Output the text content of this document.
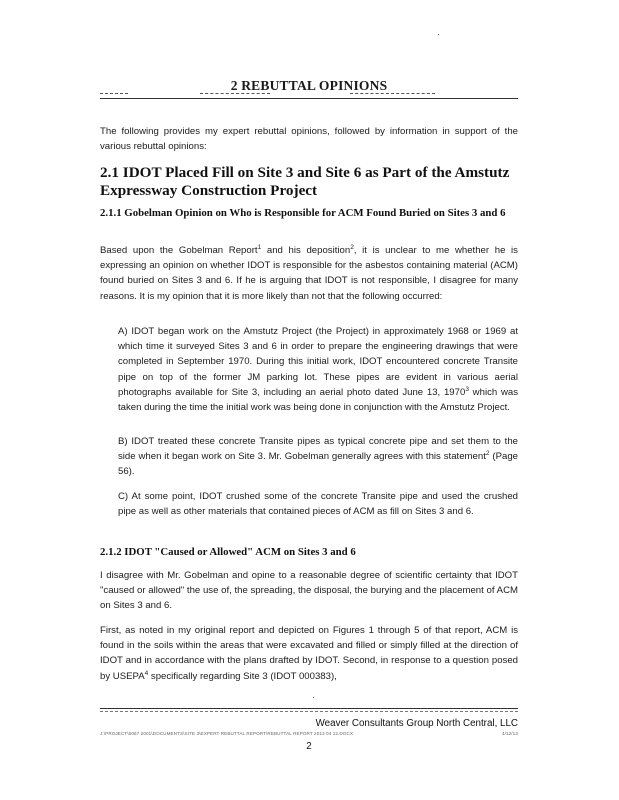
2 REBUTTAL OPINIONS
The following provides my expert rebuttal opinions, followed by information in support of the various rebuttal opinions:
2.1 IDOT Placed Fill on Site 3 and Site 6 as Part of the Amstutz Expressway Construction Project
2.1.1 Gobelman Opinion on Who is Responsible for ACM Found Buried on Sites 3 and 6
Based upon the Gobelman Report$^1$ and his deposition$^2$, it is unclear to me whether he is expressing an opinion on whether IDOT is responsible for the asbestos containing material (ACM) found buried on Sites 3 and 6. If he is arguing that IDOT is not responsible, I disagree for many reasons. It is my opinion that it is more likely than not that the following occurred:
A) IDOT began work on the Amstutz Project (the Project) in approximately 1968 or 1969 at which time it surveyed Sites 3 and 6 in order to prepare the engineering drawings that were completed in September 1970. During this initial work, IDOT encountered concrete Transite pipe on top of the former JM parking lot. These pipes are evident in various aerial photographs available for Site 3, including an aerial photo dated June 13, 1970$^3$ which was taken during the time the initial work was being done in conjunction with the Amstutz Project.
B) IDOT treated these concrete Transite pipes as typical concrete pipe and set them to the side when it began work on Site 3. Mr. Gobelman generally agrees with this statement$^2$ (Page 56).
C) At some point, IDOT crushed some of the concrete Transite pipe and used the crushed pipe as well as other materials that contained pieces of ACM as fill on Sites 3 and 6.
2.1.2 IDOT "Caused or Allowed" ACM on Sites 3 and 6
I disagree with Mr. Gobelman and opine to a reasonable degree of scientific certainty that IDOT "caused or allowed" the use of, the spreading, the disposal, the burying and the placement of ACM on Sites 3 and 6.
First, as noted in my original report and depicted on Figures 1 through 5 of that report, ACM is found in the soils within the areas that were excavated and filled or simply filled at the direction of IDOT and in accordance with the plans drafted by IDOT. Second, in response to a question posed by USEPA$^4$ specifically regarding Site 3 (IDOT 000383),
Weaver Consultants Group North Central, LLC
J:\PROJECT\5067 2001\DOCUMENTS\SITE 3\EXPERT REBUTTAL REPORT\REBUTTAL REPORT 2013 04 12.DOCX	4/12/13
2
